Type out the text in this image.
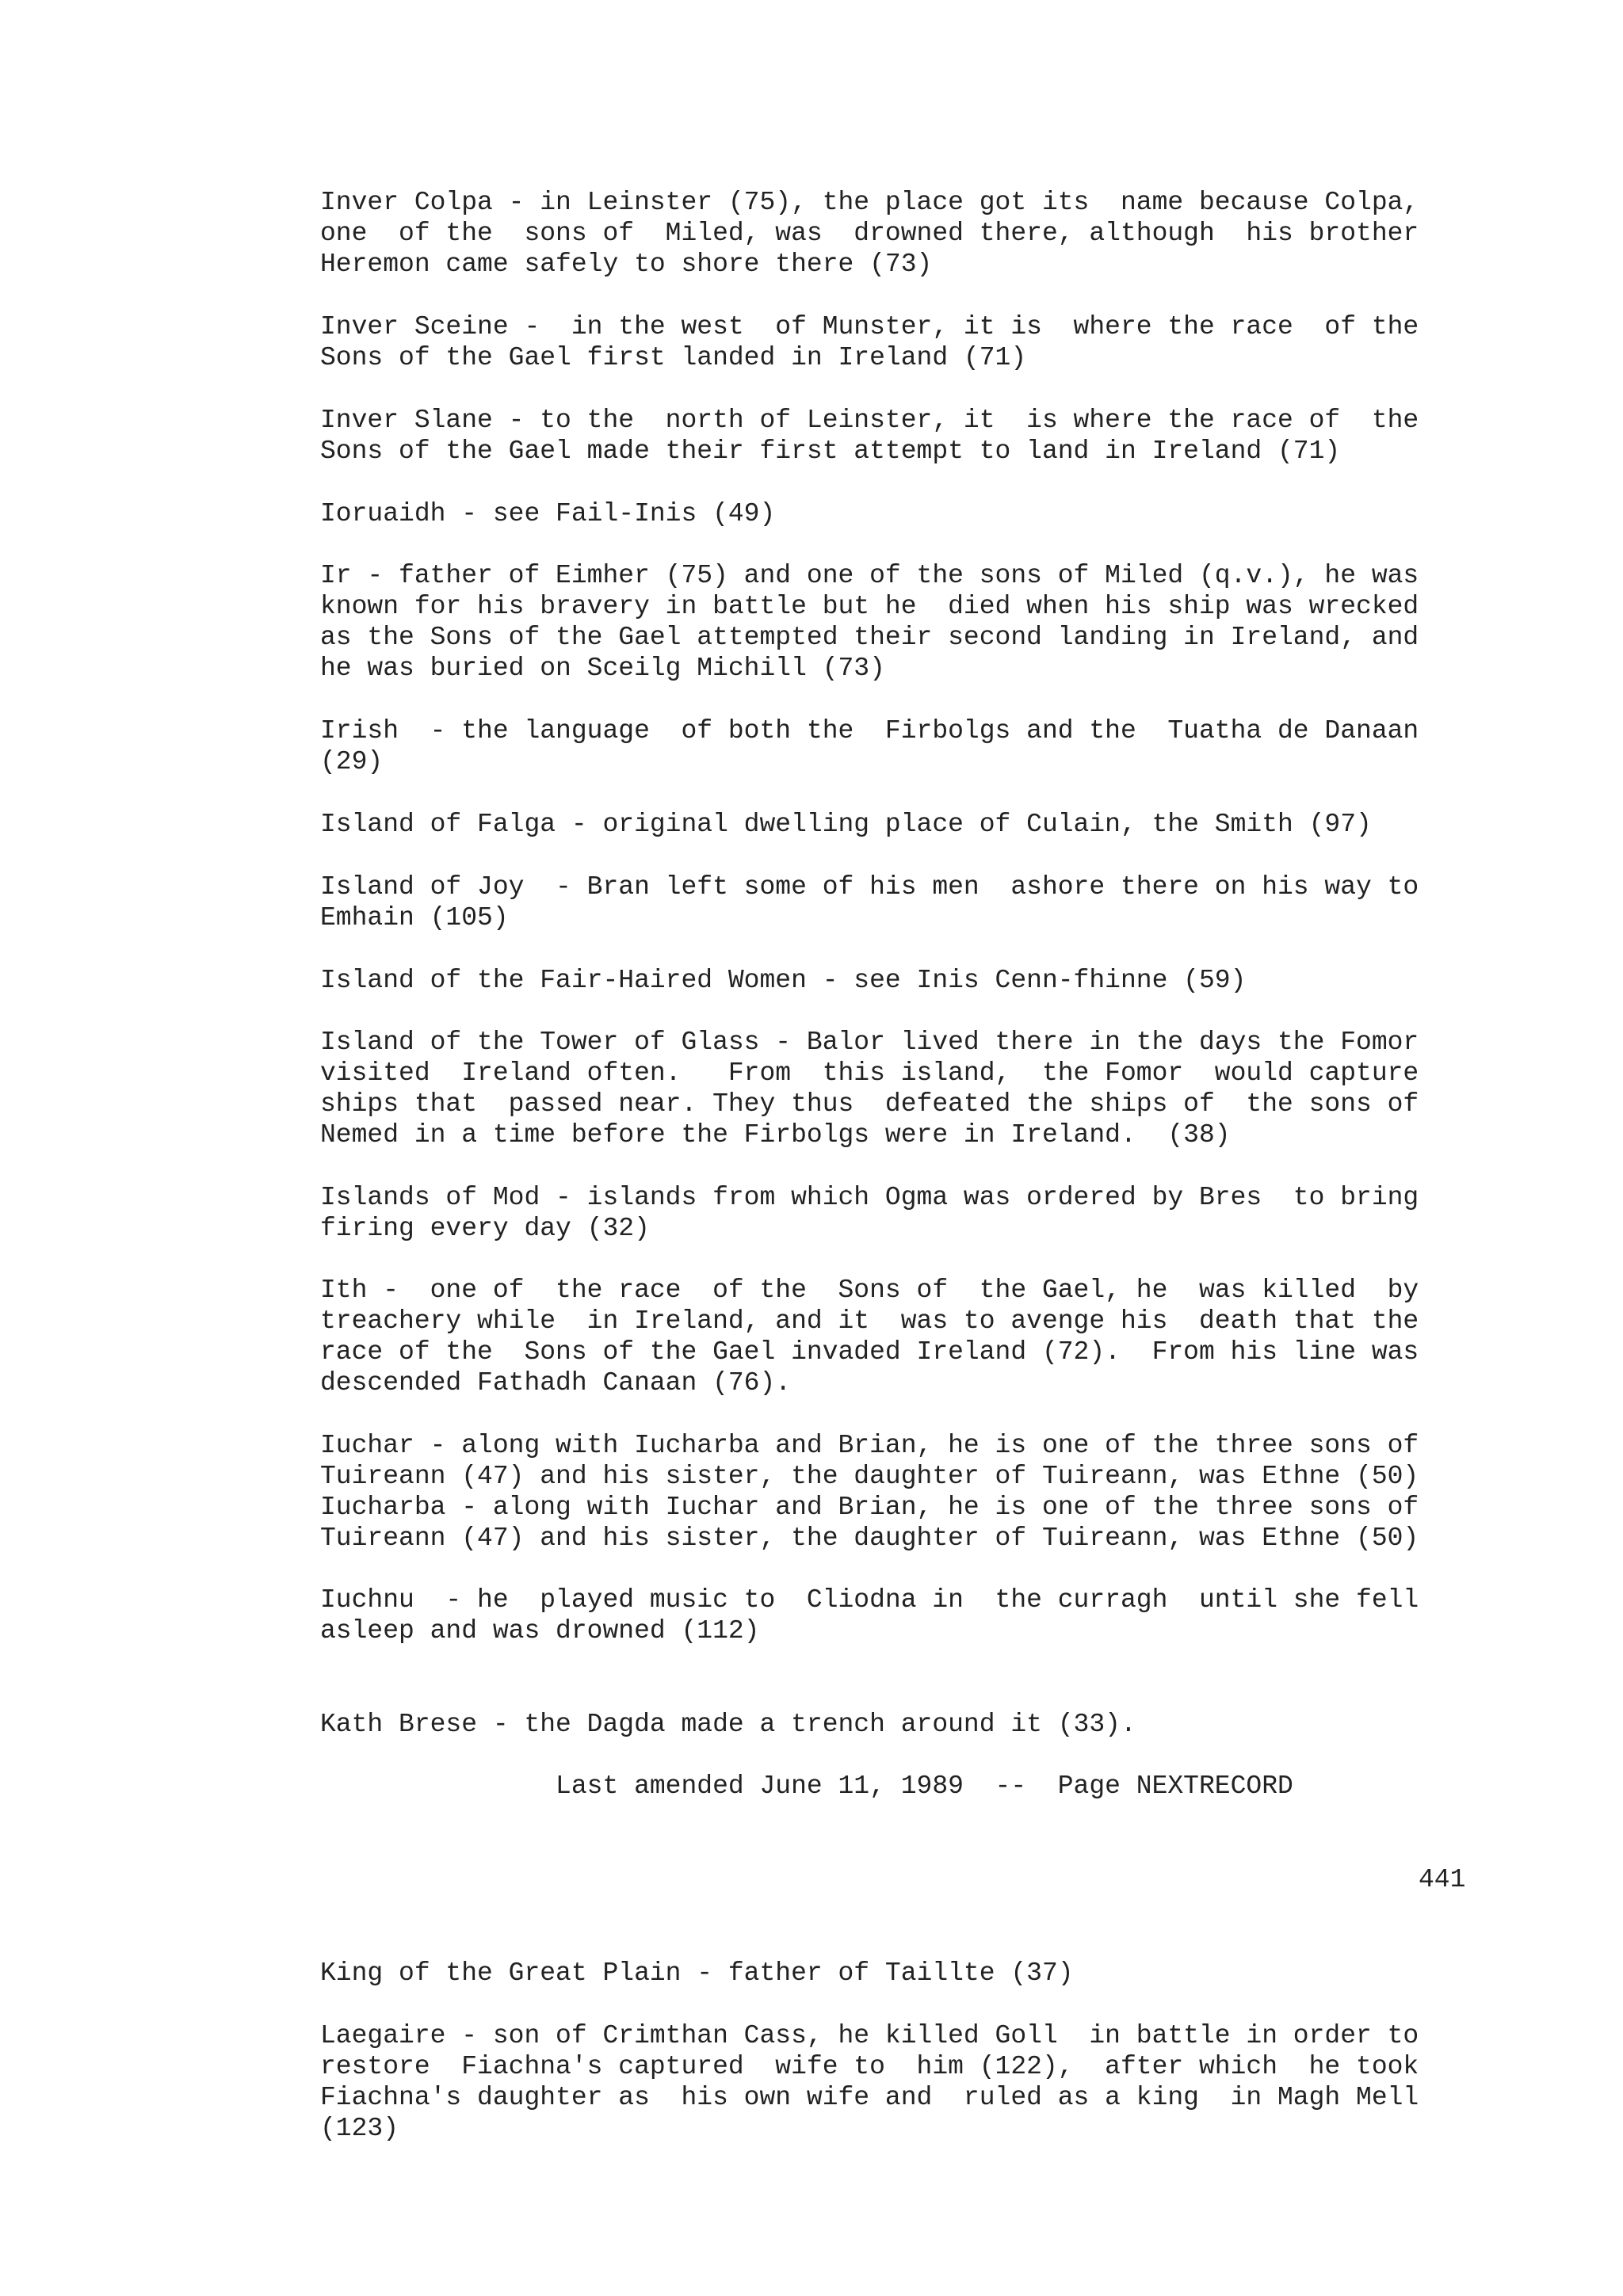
Inver Colpa - in Leinster (75), the place got its  name because Colpa,

one  of the  sons of  Miled, was  drowned there, although  his brother

Heremon came safely to shore there (73)

Inver Sceine -  in the west  of Munster, it is  where the race  of the

Sons of the Gael first landed in Ireland (71)

Inver Slane - to the  north of Leinster, it  is where the race of  the

Sons of the Gael made their first attempt to land in Ireland (71)

Ioruaidh - see Fail-Inis (49)

Ir - father of Eimher (75) and one of the sons of Miled (q.v.), he was

known for his bravery in battle but he  died when his ship was wrecked

as the Sons of the Gael attempted their second landing in Ireland, and

he was buried on Sceilg Michill (73)

Irish  - the language  of both the  Firbolgs and the  Tuatha de Danaan

(29)

Island of Falga - original dwelling place of Culain, the Smith (97)

Island of Joy  - Bran left some of his men  ashore there on his way to

Emhain (105)

Island of the Fair-Haired Women - see Inis Cenn-fhinne (59)

Island of the Tower of Glass - Balor lived there in the days the Fomor

visited  Ireland often.   From  this island,  the Fomor  would capture

ships that  passed near. They thus  defeated the ships of  the sons of

Nemed in a time before the Firbolgs were in Ireland.  (38)

Islands of Mod - islands from which Ogma was ordered by Bres  to bring

firing every day (32)

Ith -  one of  the race  of the  Sons of  the Gael, he  was killed  by

treachery while  in Ireland, and it  was to avenge his  death that the

race of the  Sons of the Gael invaded Ireland (72).  From his line was

descended Fathadh Canaan (76).

Iuchar - along with Iucharba and Brian, he is one of the three sons of

Tuireann (47) and his sister, the daughter of Tuireann, was Ethne (50)

Iucharba - along with Iuchar and Brian, he is one of the three sons of

Tuireann (47) and his sister, the daughter of Tuireann, was Ethne (50)

Iuchnu  - he  played music to  Cliodna in  the curragh  until she fell

asleep and was drowned (112)

Kath Brese - the Dagda made a trench around it (33).

Last amended June 11, 1989  --  Page NEXTRECORD

441

King of the Great Plain - father of Taillte (37)

Laegaire - son of Crimthan Cass, he killed Goll  in battle in order to

restore  Fiachna's captured  wife to  him (122),  after which  he took

Fiachna's daughter as  his own wife and  ruled as a king  in Magh Mell

(123)
